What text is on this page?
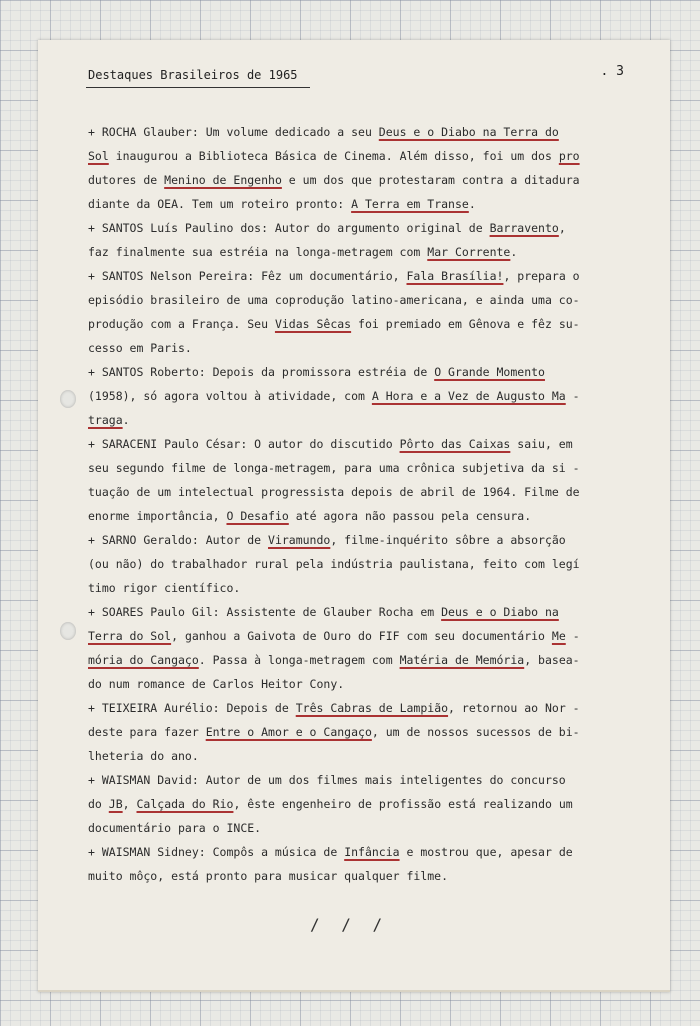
Destaques Brasileiros de 1965	. 3
+ ROCHA Glauber: Um volume dedicado a seu Deus e o Diabo na Terra do
Sol inaugurou a Biblioteca Básica de Cinema. Além disso, foi um dos pro
dutores de Menino de Engenho e um dos que protestaram contra a ditadura
diante da OEA. Tem um roteiro pronto: A Terra em Transe.
+ SANTOS Luís Paulino dos: Autor do argumento original de Barravento,
faz finalmente sua estréia na longa-metragem com Mar Corrente.
+ SANTOS Nelson Pereira: Fêz um documentário, Fala Brasília!, prepara o
episódio brasileiro de uma coprodução latino-americana, e ainda uma co-
produção com a França. Seu Vidas Sêcas foi premiado em Gênova e fêz su-
cesso em Paris.
+ SANTOS Roberto: Depois da promissora estréia de O Grande Momento
(1958), só agora voltou à atividade, com A Hora e a Vez de Augusto Ma -
traga.
+ SARACENI Paulo César: O autor do discutido Pôrto das Caixas saiu, em
seu segundo filme de longa-metragem, para uma crônica subjetiva da si -
tuação de um intelectual progressista depois de abril de 1964. Filme de
enorme importância, O Desafio até agora não passou pela censura.
+ SARNO Geraldo: Autor de Viramundo, filme-inquérito sôbre a absorção
(ou não) do trabalhador rural pela indústria paulistana, feito com legí
timo rigor científico.
+ SOARES Paulo Gil: Assistente de Glauber Rocha em Deus e o Diabo na
Terra do Sol, ganhou a Gaivota de Ouro do FIF com seu documentário Me -
mória do Cangaço. Passa à longa-metragem com Matéria de Memória, basea-
do num romance de Carlos Heitor Cony.
+ TEIXEIRA Aurélio: Depois de Três Cabras de Lampião, retornou ao Nor -
deste para fazer Entre o Amor e o Cangaço, um de nossos sucessos de bi-
lheteria do ano.
+ WAISMAN David: Autor de um dos filmes mais inteligentes do concurso
do JB, Calçada do Rio, êste engenheiro de profissão está realizando um
documentário para o INCE.
+ WAISMAN Sidney: Compôs a música de Infância e mostrou que, apesar de
muito môço, está pronto para musicar qualquer filme.
/ / /
